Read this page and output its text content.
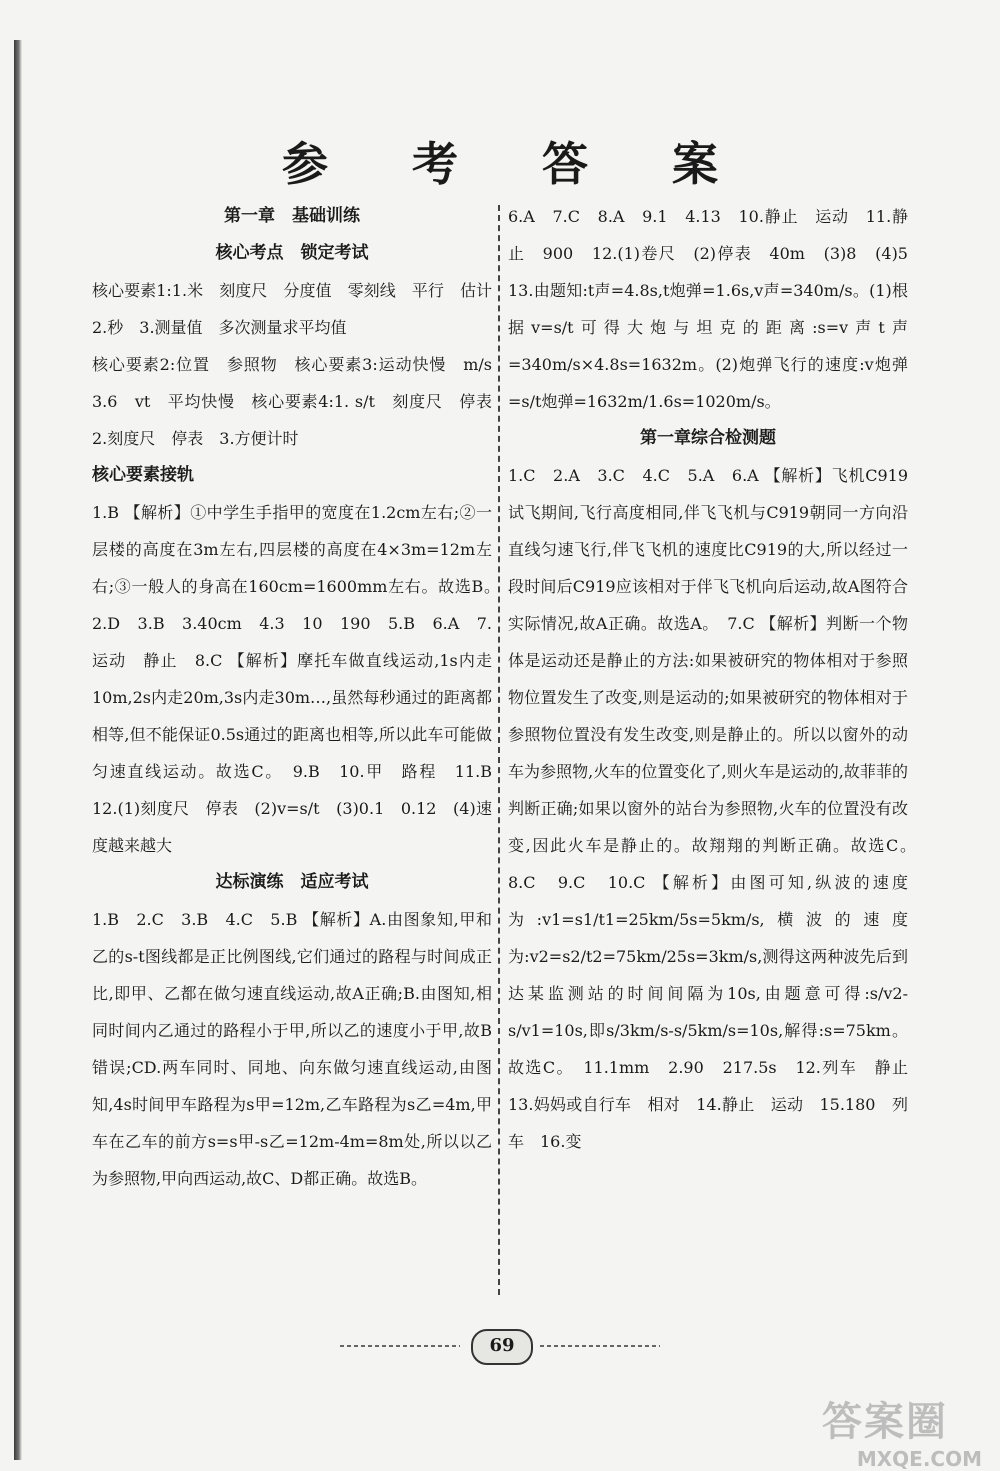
参 考 答 案
第一章　基础训练
核心考点　锁定考试

核心要素1:1.米　刻度尺　分度值　零刻线　平行　估计　2.秒　3.测量值　多次测量求平均值

核心要素2:位置　参照物　核心要素3:运动快慢　m/s　3.6　vt　平均快慢　核心要素4:1. s/t　刻度尺　停表　2.刻度尺　停表　3.方便计时

核心要素接轨

1.B 【解析】①中学生手指甲的宽度在1.2cm左右;②一层楼的高度在3m左右,四层楼的高度在4×3m=12m左右;③一般人的身高在160cm=1600mm左右。故选B。　2.D　3.B　3.40cm　4.3　10　190　5.B　6.A　7.运动　静止　8.C 【解析】摩托车做直线运动,1s内走10m,2s内走20m,3s内走30m…,虽然每秒通过的距离都相等,但不能保证0.5s通过的距离也相等,所以此车可能做匀速直线运动。故选C。　9.B　10.甲　路程　11.B　12.(1)刻度尺　停表　(2)v=s/t　(3)0.1　0.12　(4)速度越来越大

达标演练　适应考试

1.B　2.C　3.B　4.C　5.B 【解析】A.由图象知,甲和乙的s-t图线都是正比例图线,它们通过的路程与时间成正比,即甲、乙都在做匀速直线运动,故A正确;B.由图知,相同时间内乙通过的路程小于甲,所以乙的速度小于甲,故B错误;CD.两车同时、同地、向东做匀速直线运动,由图知,4s时间甲车路程为s甲=12m,乙车路程为s乙=4m,甲车在乙车的前方s=s甲-s乙=12m-4m=8m处,所以以乙为参照物,甲向西运动,故C、D都正确。故选B。

6.A　7.C　8.A　9.1　4.13　10.静止　运动　11.静止　900　12.(1)卷尺　(2)停表　40m　(3)8　(4)5　13.由题知:t声=4.8s,t炮弹=1.6s,v声=340m/s。(1)根据v=s/t可得大炮与坦克的距离:s=v声t声=340m/s×4.8s=1632m。(2)炮弹飞行的速度:v炮弹=s/t炮弹=1632m/1.6s=1020m/s。

第一章综合检测题

1.C　2.A　3.C　4.C　5.A　6.A 【解析】飞机C919试飞期间,飞行高度相同,伴飞飞机与C919朝同一方向沿直线匀速飞行,伴飞飞机的速度比C919的大,所以经过一段时间后C919应该相对于伴飞飞机向后运动,故A图符合实际情况,故A正确。故选A。　7.C 【解析】判断一个物体是运动还是静止的方法:如果被研究的物体相对于参照物位置发生了改变,则是运动的;如果被研究的物体相对于参照物位置没有发生改变,则是静止的。所以以窗外的动车为参照物,火车的位置变化了,则火车是运动的,故菲菲的判断正确;如果以窗外的站台为参照物,火车的位置没有改变,因此火车是静止的。故翔翔的判断正确。故选C。　8.C　9.C　10.C 【解析】由图可知,纵波的速度为:v1=s1/t1=25km/5s=5km/s,横波的速度为:v2=s2/t2=75km/25s=3km/s,测得这两种波先后到达某监测站的时间间隔为10s,由题意可得:s/v2-s/v1=10s,即s/3km/s-s/5km/s=10s,解得:s=75km。故选C。　11.1mm　2.90　217.5s　12.列车　静止　13.妈妈或自行车　相对　14.静止　运动　15.180　列车　16.变

69
答案圈
MXQE.COM
